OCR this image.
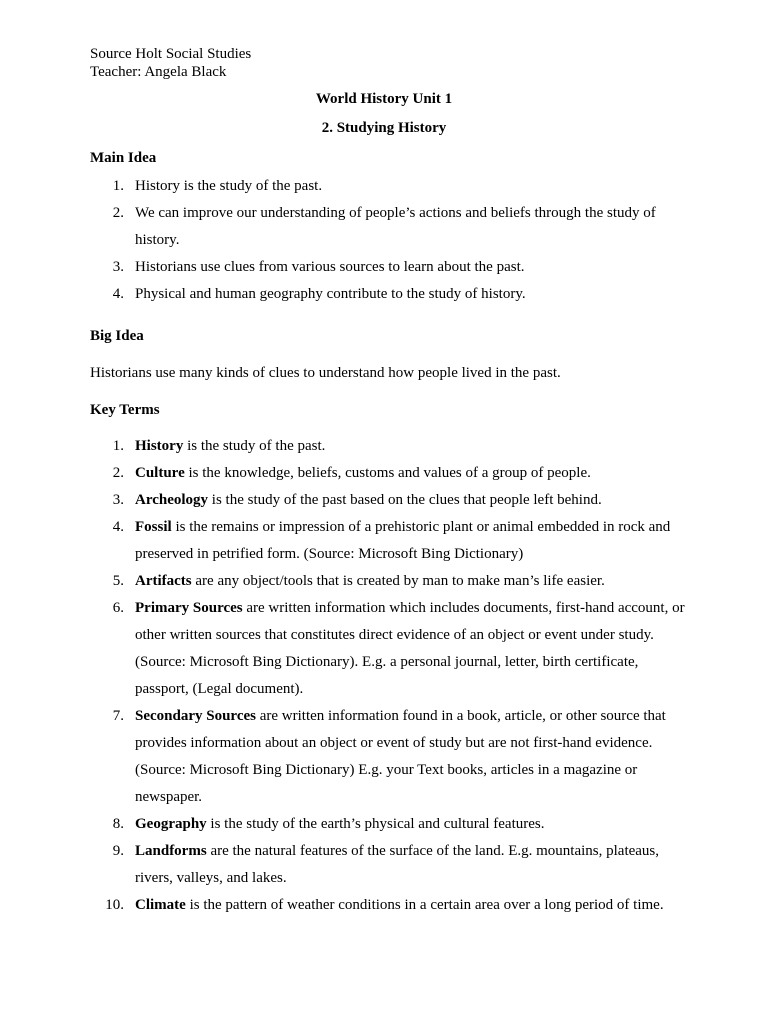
Source Holt Social Studies
Teacher: Angela Black
World History Unit 1
2. Studying History
Main Idea
1. History is the study of the past.
2. We can improve our understanding of people’s actions and beliefs through the study of history.
3. Historians use clues from various sources to learn about the past.
4. Physical and human geography contribute to the study of history.
Big Idea
Historians use many kinds of clues to understand how people lived in the past.
Key Terms
1. History is the study of the past.
2. Culture is the knowledge, beliefs, customs and values of a group of people.
3. Archeology is the study of the past based on the clues that people left behind.
4. Fossil is the remains or impression of a prehistoric plant or animal embedded in rock and preserved in petrified form. (Source: Microsoft Bing Dictionary)
5. Artifacts are any object/tools that is created by man to make man’s life easier.
6. Primary Sources are written information which includes documents, first-hand account, or other written sources that constitutes direct evidence of an object or event under study. (Source: Microsoft Bing Dictionary). E.g. a personal journal, letter, birth certificate, passport, (Legal document).
7. Secondary Sources are written information found in a book, article, or other source that provides information about an object or event of study but are not first-hand evidence. (Source: Microsoft Bing Dictionary) E.g. your Text books, articles in a magazine or newspaper.
8. Geography is the study of the earth’s physical and cultural features.
9. Landforms are the natural features of the surface of the land. E.g. mountains, plateaus, rivers, valleys, and lakes.
10. Climate is the pattern of weather conditions in a certain area over a long period of time.
